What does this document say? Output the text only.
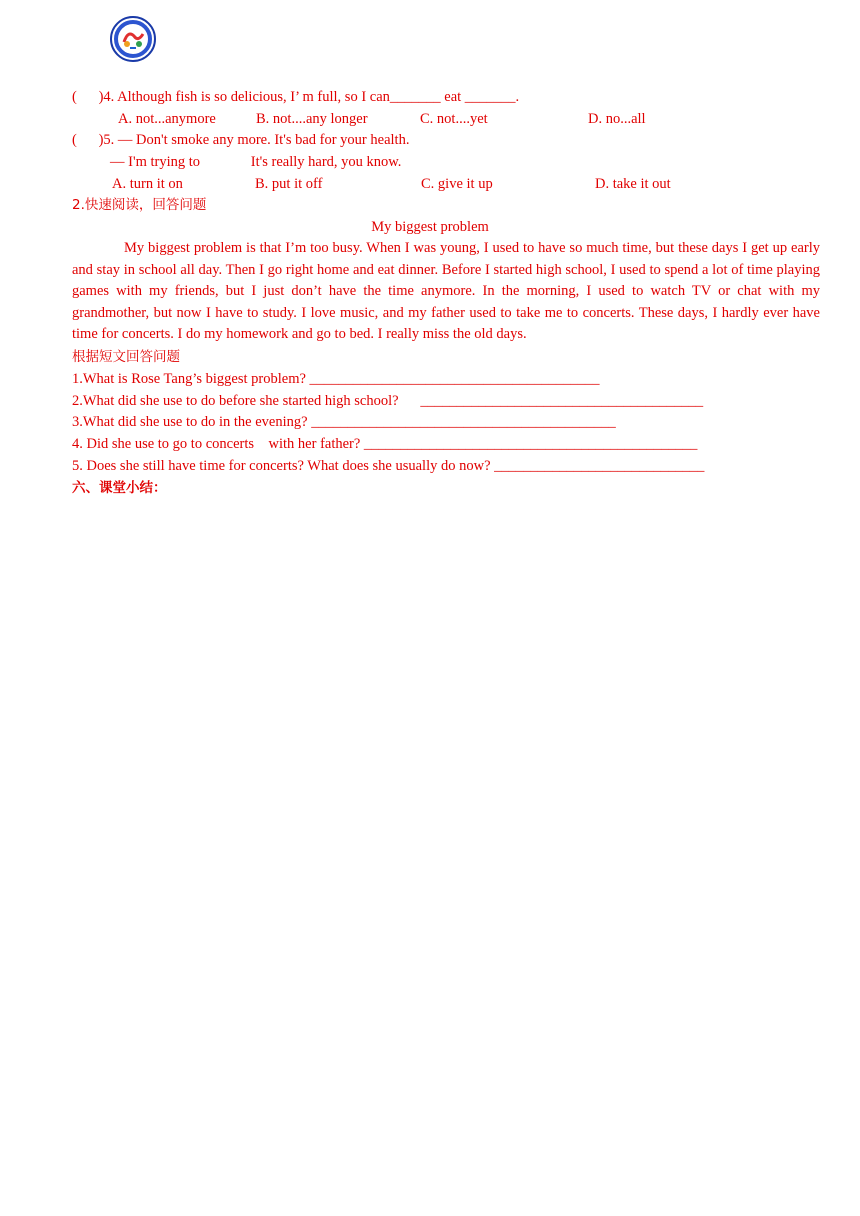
(      )4. Although fish is so delicious, I’ m full, so I can_______ eat _______.
A. not...anymore	B. not....any longer	C. not....yet	D. no...all
(      )5. — Don't smoke any more. It's bad for your health.
— I'm trying to              It's really hard, you know.
A. turn it on	B. put it off	C. give it up	D. take it out
2.快速阅读，回答问题
My biggest problem
My biggest problem is that I’m too busy. When I was young, I used to have so much time, but these days I get up early and stay in school all day. Then I go right home and eat dinner. Before I started high school, I used to spend a lot of time playing games with my friends, but I just don’t have the time anymore. In the morning, I used to watch TV or chat with my grandmother, but now I have to study. I love music, and my father used to take me to concerts. These days, I hardly ever have time for concerts. I do my homework and go to bed. I really miss the old days.
根据短文回答问题
1.What is Rose Tang’s biggest problem? ________________________________________
2.What did she use to do before she started high school?      _______________________________________
3.What did she use to do in the evening? __________________________________________
4. Did she use to go to concerts    with her father? ______________________________________________
5. Does she still have time for concerts? What does she usually do now? _____________________________
六、课堂小结：
